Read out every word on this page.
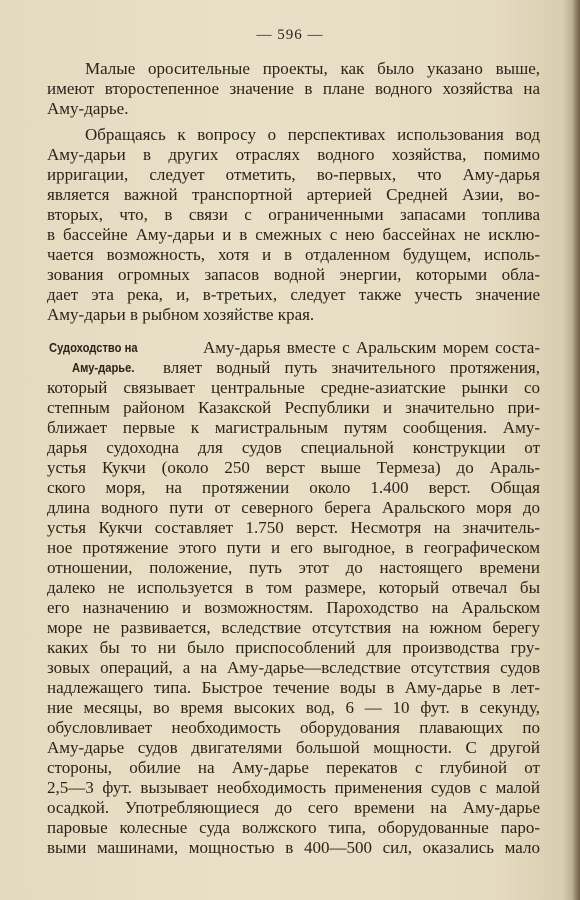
— 596 —
Малые оросительные проекты, как было указано выше,
имеют второстепенное значение в плане водного хозяйства на
Аму-дарье.
Обращаясь к вопросу о перспективах использования вод
Аму-дарьи в других отраслях водного хозяйства, помимо
ирригации, следует отметить, во-первых, что Аму-дарья
является важной транспортной артерией Средней Азии, во-
вторых, что, в связи с ограниченными запасами топлива
в бассейне Аму-дарьи и в смежных с нею бассейнах не исклю-
чается возможность, хотя и в отдаленном будущем, исполь-
зования огромных запасов водной энергии, которыми обла-
дает эта река, и, в-третьих, следует также учесть значение
Аму-дарьи в рыбном хозяйстве края.
Судоходство на
Аму-дарье.
Аму-дарья вместе с Аральским морем соста-
вляет водный путь значительного протяжения,
который связывает центральные средне-азиатские рынки со
степным районом Казакской Республики и значительно при-
ближает первые к магистральным путям сообщения. Аму-
дарья судоходна для судов специальной конструкции от
устья Кукчи (около 250 верст выше Термеза) до Араль-
ского моря, на протяжении около 1.400 верст. Общая
длина водного пути от северного берега Аральского моря до
устья Кукчи составляет 1.750 верст. Несмотря на значитель-
ное протяжение этого пути и его выгодное, в географическом
отношении, положение, путь этот до настоящего времени
далеко не используется в том размере, который отвечал бы
его назначению и возможностям. Пароходство на Аральском
море не развивается, вследствие отсутствия на южном берегу
каких бы то ни было приспособлений для производства гру-
зовых операций, а на Аму-дарье—вследствие отсутствия судов
надлежащего типа. Быстрое течение воды в Аму-дарье в лет-
ние месяцы, во время высоких вод, 6 — 10 фут. в секунду,
обусловливает необходимость оборудования плавающих по
Аму-дарье судов двигателями большой мощности. С другой
стороны, обилие на Аму-дарье перекатов с глубиной от
2,5—3 фут. вызывает необходимость применения судов с малой
осадкой. Употребляющиеся до сего времени на Аму-дарье
паровые колесные суда волжского типа, оборудованные паро-
выми машинами, мощностью в 400—500 сил, оказались мало
